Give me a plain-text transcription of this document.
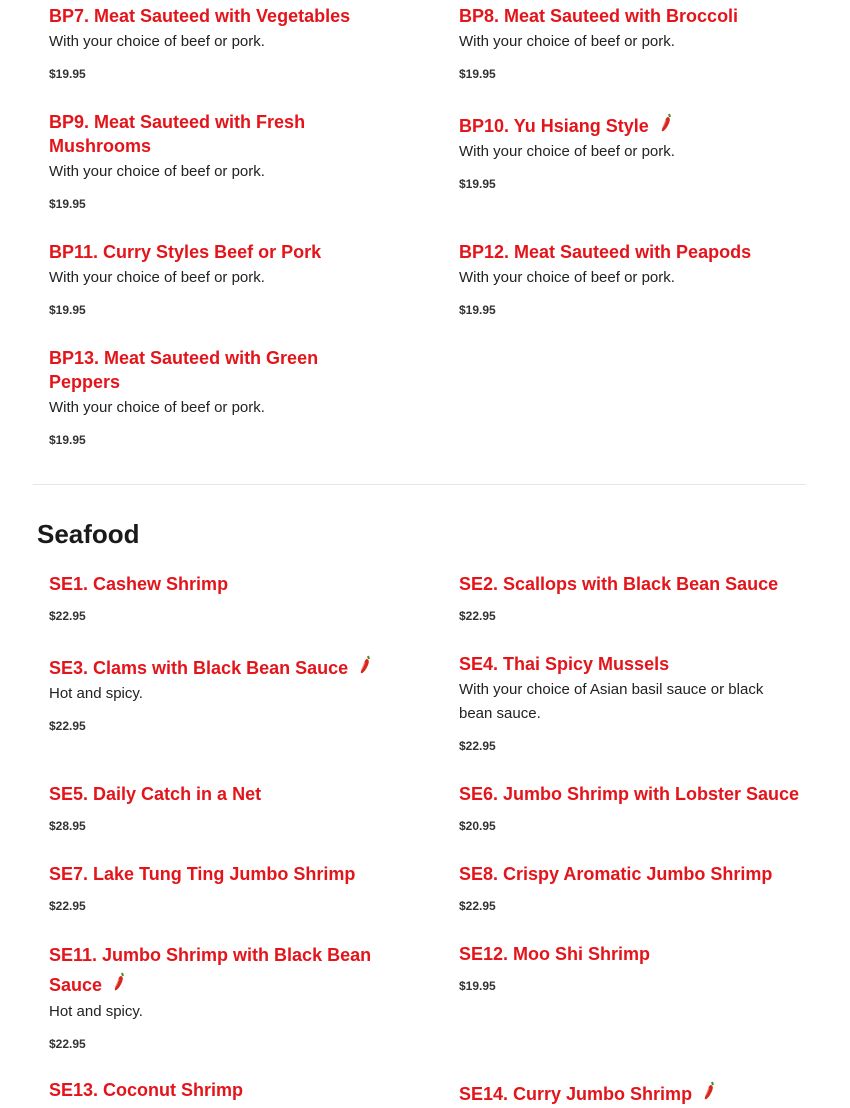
BP7. Meat Sauteed with Vegetables
With your choice of beef or pork.
$19.95
BP8. Meat Sauteed with Broccoli
With your choice of beef or pork.
$19.95
BP9. Meat Sauteed with Fresh Mushrooms
With your choice of beef or pork.
$19.95
BP10. Yu Hsiang Style
With your choice of beef or pork.
$19.95
BP11. Curry Styles Beef or Pork
With your choice of beef or pork.
$19.95
BP12. Meat Sauteed with Peapods
With your choice of beef or pork.
$19.95
BP13. Meat Sauteed with Green Peppers
With your choice of beef or pork.
$19.95
Seafood
SE1. Cashew Shrimp
$22.95
SE2. Scallops with Black Bean Sauce
$22.95
SE3. Clams with Black Bean Sauce
Hot and spicy.
$22.95
SE4. Thai Spicy Mussels
With your choice of Asian basil sauce or black bean sauce.
$22.95
SE5. Daily Catch in a Net
$28.95
SE6. Jumbo Shrimp with Lobster Sauce
$20.95
SE7. Lake Tung Ting Jumbo Shrimp
$22.95
SE8. Crispy Aromatic Jumbo Shrimp
$22.95
SE11. Jumbo Shrimp with Black Bean Sauce
Hot and spicy.
$22.95
SE12. Moo Shi Shrimp
$19.95
SE13. Coconut Shrimp	SE14. Curry Jumbo Shrimp
